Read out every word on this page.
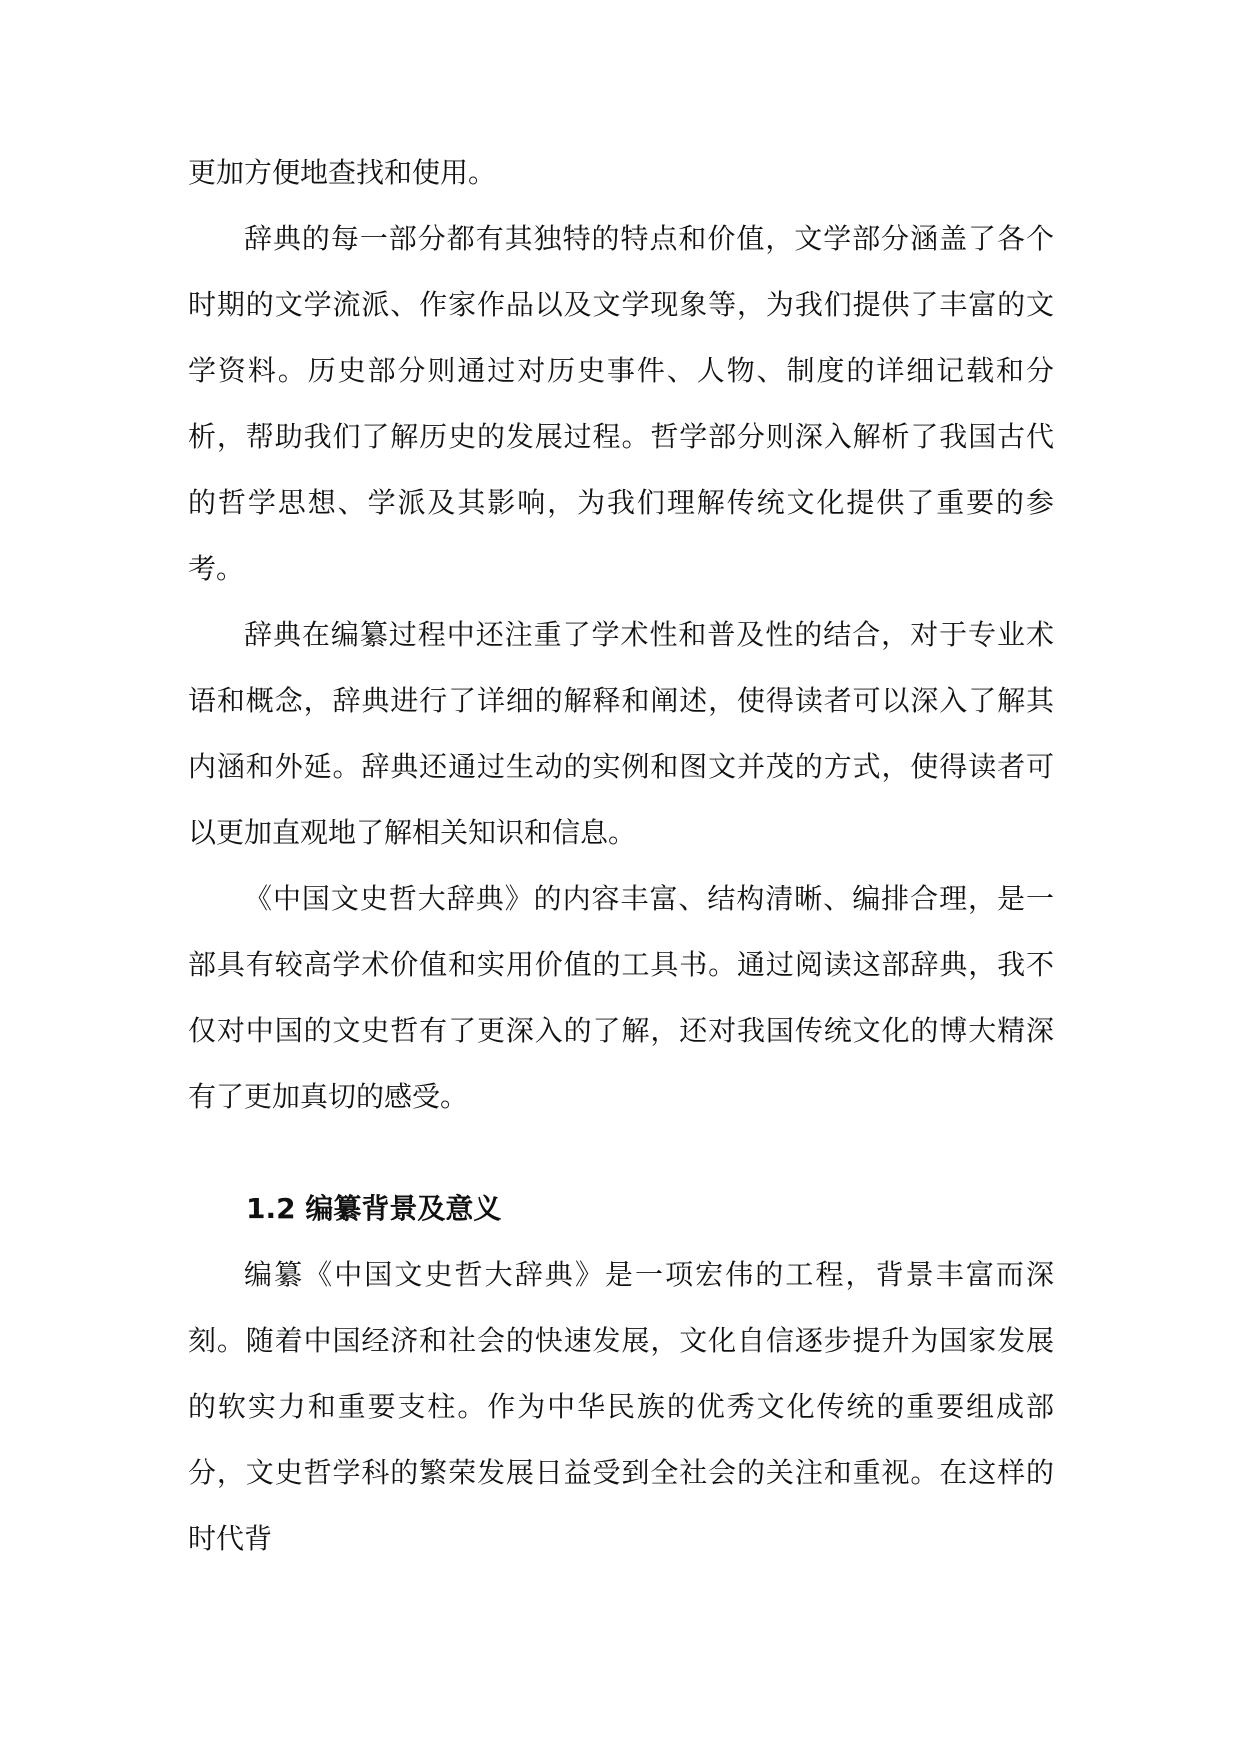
更加方便地查找和使用。

辞典的每一部分都有其独特的特点和价值，文学部分涵盖了各个时期的文学流派、作家作品以及文学现象等，为我们提供了丰富的文学资料。历史部分则通过对历史事件、人物、制度的详细记载和分析，帮助我们了解历史的发展过程。哲学部分则深入解析了我国古代的哲学思想、学派及其影响，为我们理解传统文化提供了重要的参考。

辞典在编纂过程中还注重了学术性和普及性的结合，对于专业术语和概念，辞典进行了详细的解释和阐述，使得读者可以深入了解其内涵和外延。辞典还通过生动的实例和图文并茂的方式，使得读者可以更加直观地了解相关知识和信息。

《中国文史哲大辞典》的内容丰富、结构清晰、编排合理，是一部具有较高学术价值和实用价值的工具书。通过阅读这部辞典，我不仅对中国的文史哲有了更深入的了解，还对我国传统文化的博大精深有了更加真切的感受。

1.2 编纂背景及意义

编纂《中国文史哲大辞典》是一项宏伟的工程，背景丰富而深刻。随着中国经济和社会的快速发展，文化自信逐步提升为国家发展的软实力和重要支柱。作为中华民族的优秀文化传统的重要组成部分，文史哲学科的繁荣发展日益受到全社会的关注和重视。在这样的时代背
